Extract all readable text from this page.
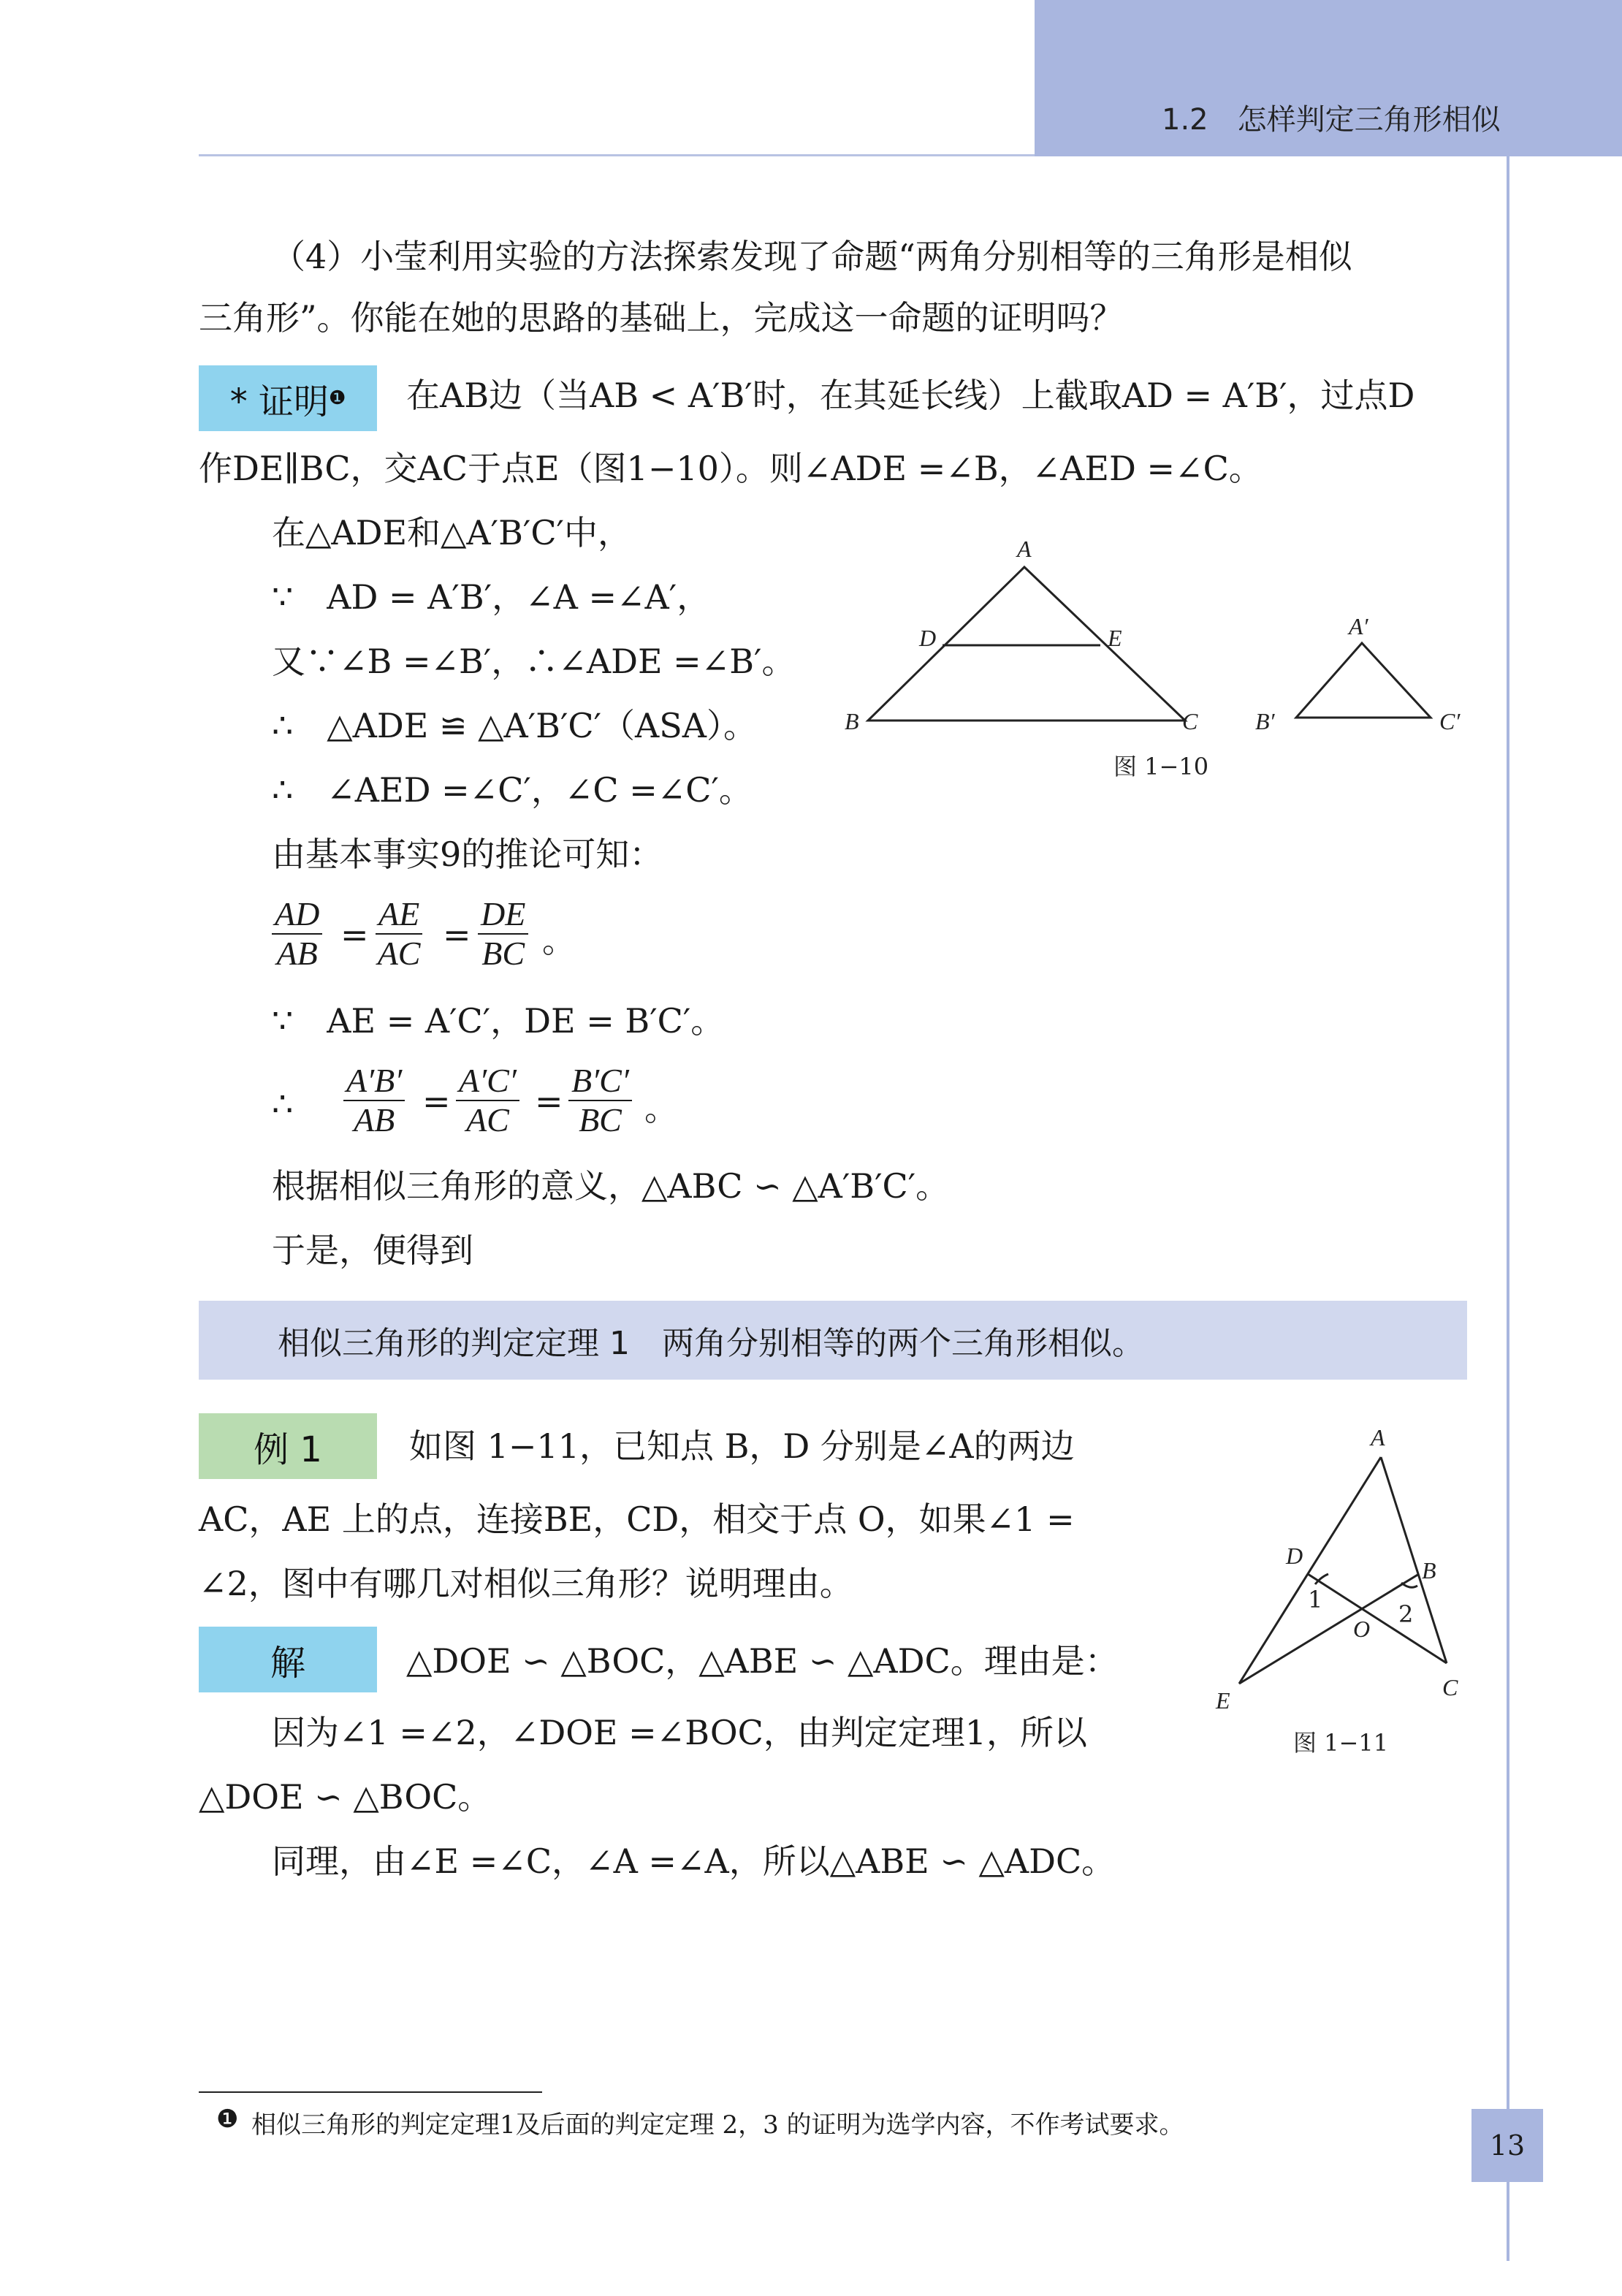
1.2　怎样判定三角形相似
（4）小莹利用实验的方法探索发现了命题“两角分别相等的三角形是相似
三角形”。你能在她的思路的基础上，完成这一命题的证明吗？
* 证明 ❶ 在AB边（当AB < A′B′时，在其延长线）上截取AD = A′B′，过点D
作DE∥BC，交AC于点E（图1−10）。则∠ADE =∠B，∠AED =∠C。
在△ADE和△A′B′C′中，
∵　AD = A′B′，∠A =∠A′，
又∵∠B =∠B′，∴∠ADE =∠B′。
∴　△ADE ≌ △A′B′C′（ASA）。
∴　∠AED =∠C′，∠C =∠C′。
由基本事实9的推论可知：
$\frac{AD}{AB} = \frac{AE}{AC} = \frac{DE}{BC}$ 。
∵　AE = A′C′，DE = B′C′。
∴ $\frac{A'B'}{AB} = \frac{A'C'}{AC} = \frac{B'C'}{BC}$ 。
根据相似三角形的意义，△ABC ∽ △A′B′C′。
于是，便得到
相似三角形的判定定理 1　两角分别相等的两个三角形相似。
例 1	如图 1−11，已知点 B，D 分别是∠A的两边
AC，AE 上的点，连接BE，CD，相交于点 O，如果∠1 =
∠2，图中有哪几对相似三角形？说明理由。
解	△DOE ∽ △BOC，△ABE ∽ △ADC。理由是：
因为∠1 =∠2，∠DOE =∠BOC，由判定定理1，所以
△DOE ∽ △BOC。
同理，由∠E =∠C，∠A =∠A，所以△ABE ∽ △ADC。
A
D	E
B	C
A′
B′	C′
图 1−10
A
D
B
O
E	C
1
2
图 1−11
❶ 相似三角形的判定定理1及后面的判定定理 2，3 的证明为选学内容，不作考试要求。
13
